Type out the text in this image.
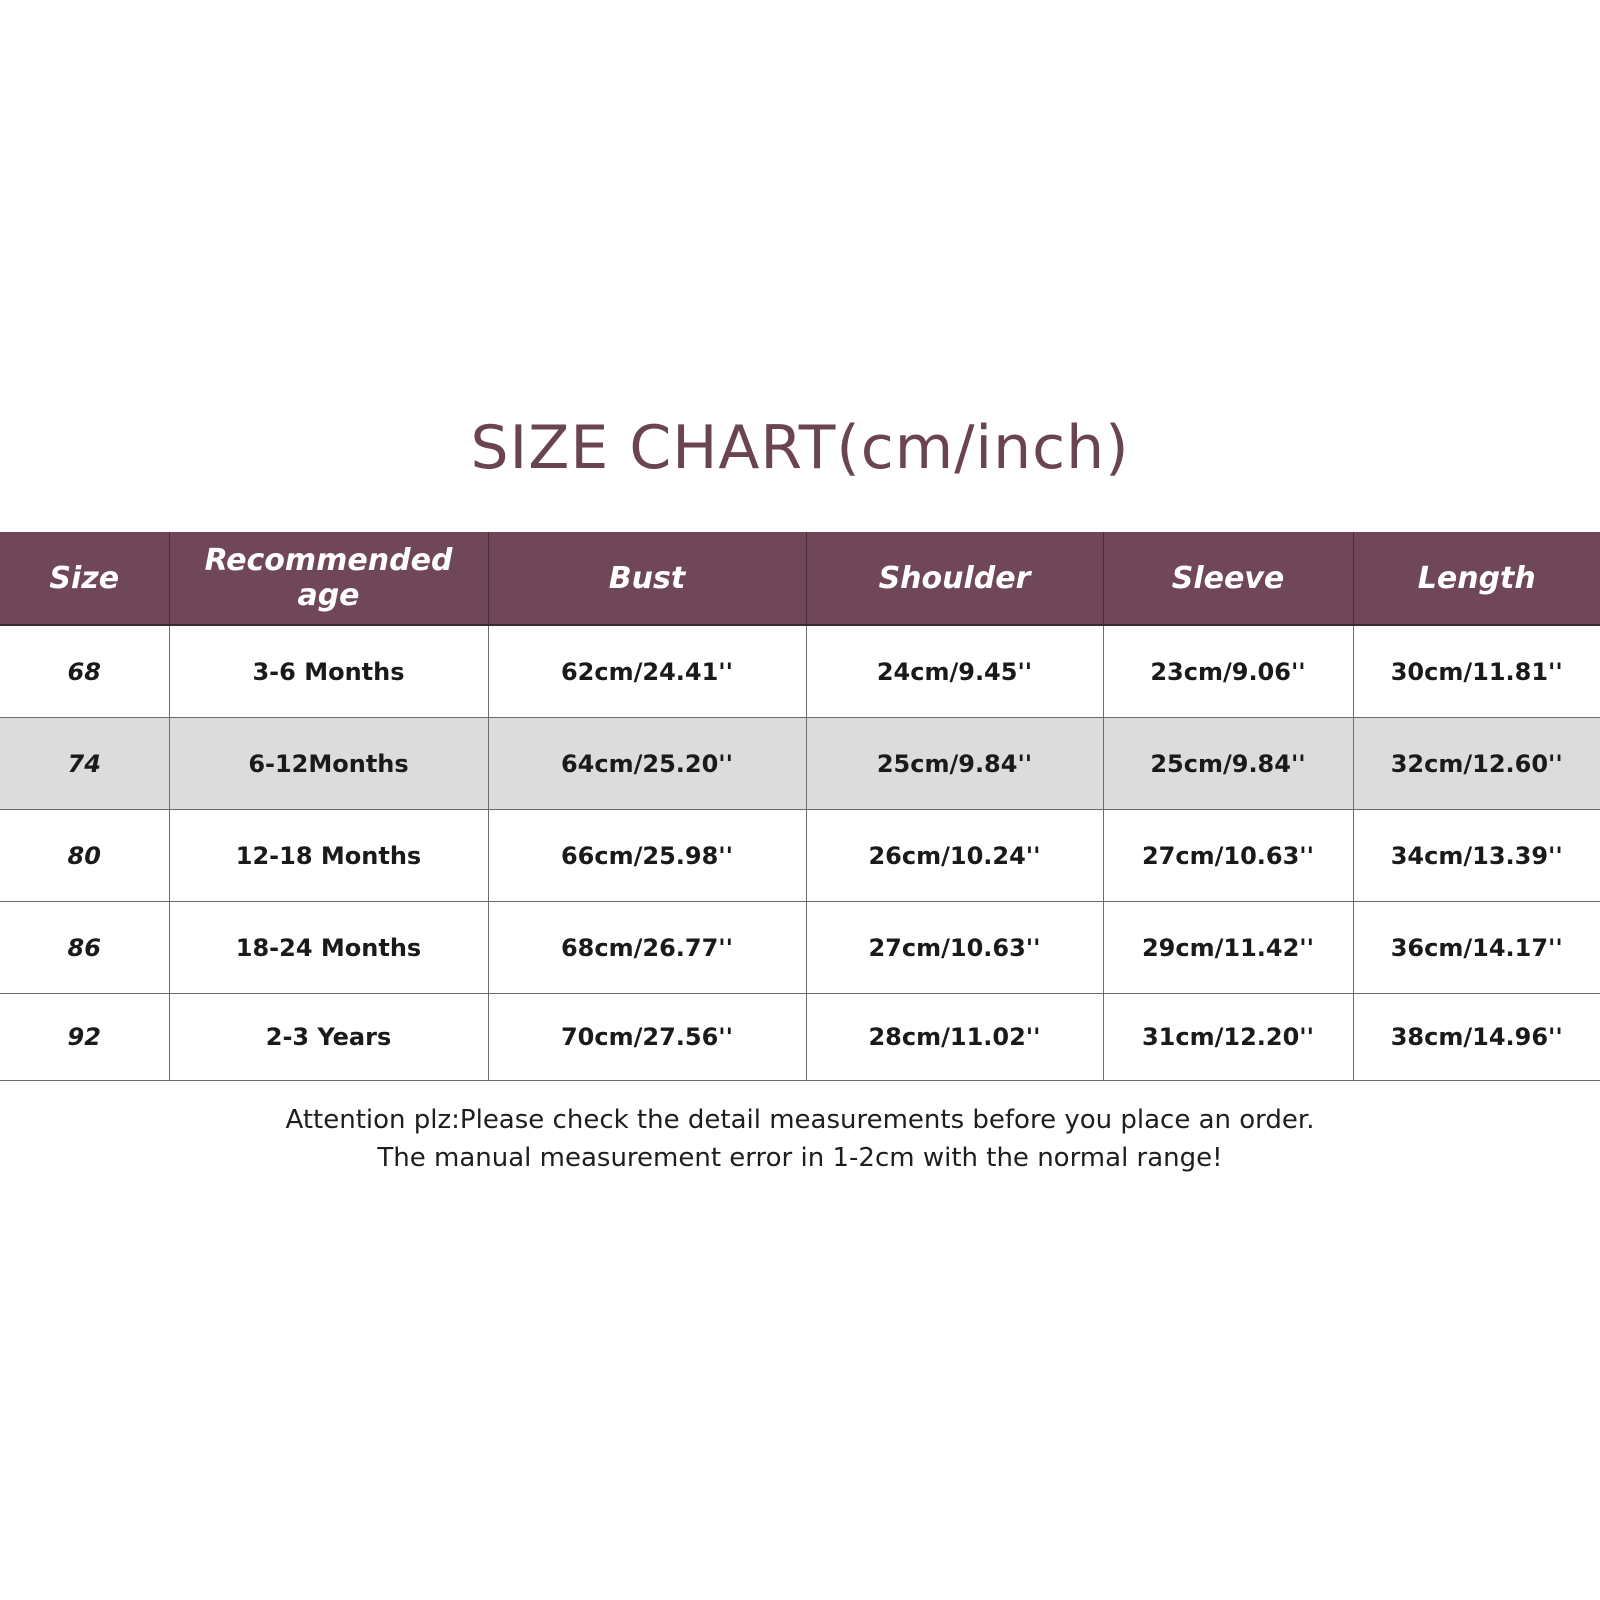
SIZE CHART(cm/inch)
Size	Recommended age	Bust	Shoulder	Sleeve	Length
68	3-6 Months	62cm/24.41''	24cm/9.45''	23cm/9.06''	30cm/11.81''
74	6-12Months	64cm/25.20''	25cm/9.84''	25cm/9.84''	32cm/12.60''
80	12-18 Months	66cm/25.98''	26cm/10.24''	27cm/10.63''	34cm/13.39''
86	18-24 Months	68cm/26.77''	27cm/10.63''	29cm/11.42''	36cm/14.17''
92	2-3 Years	70cm/27.56''	28cm/11.02''	31cm/12.20''	38cm/14.96''
Attention plz:Please check the detail measurements before you place an order.
The manual measurement error in 1-2cm with the normal range!
